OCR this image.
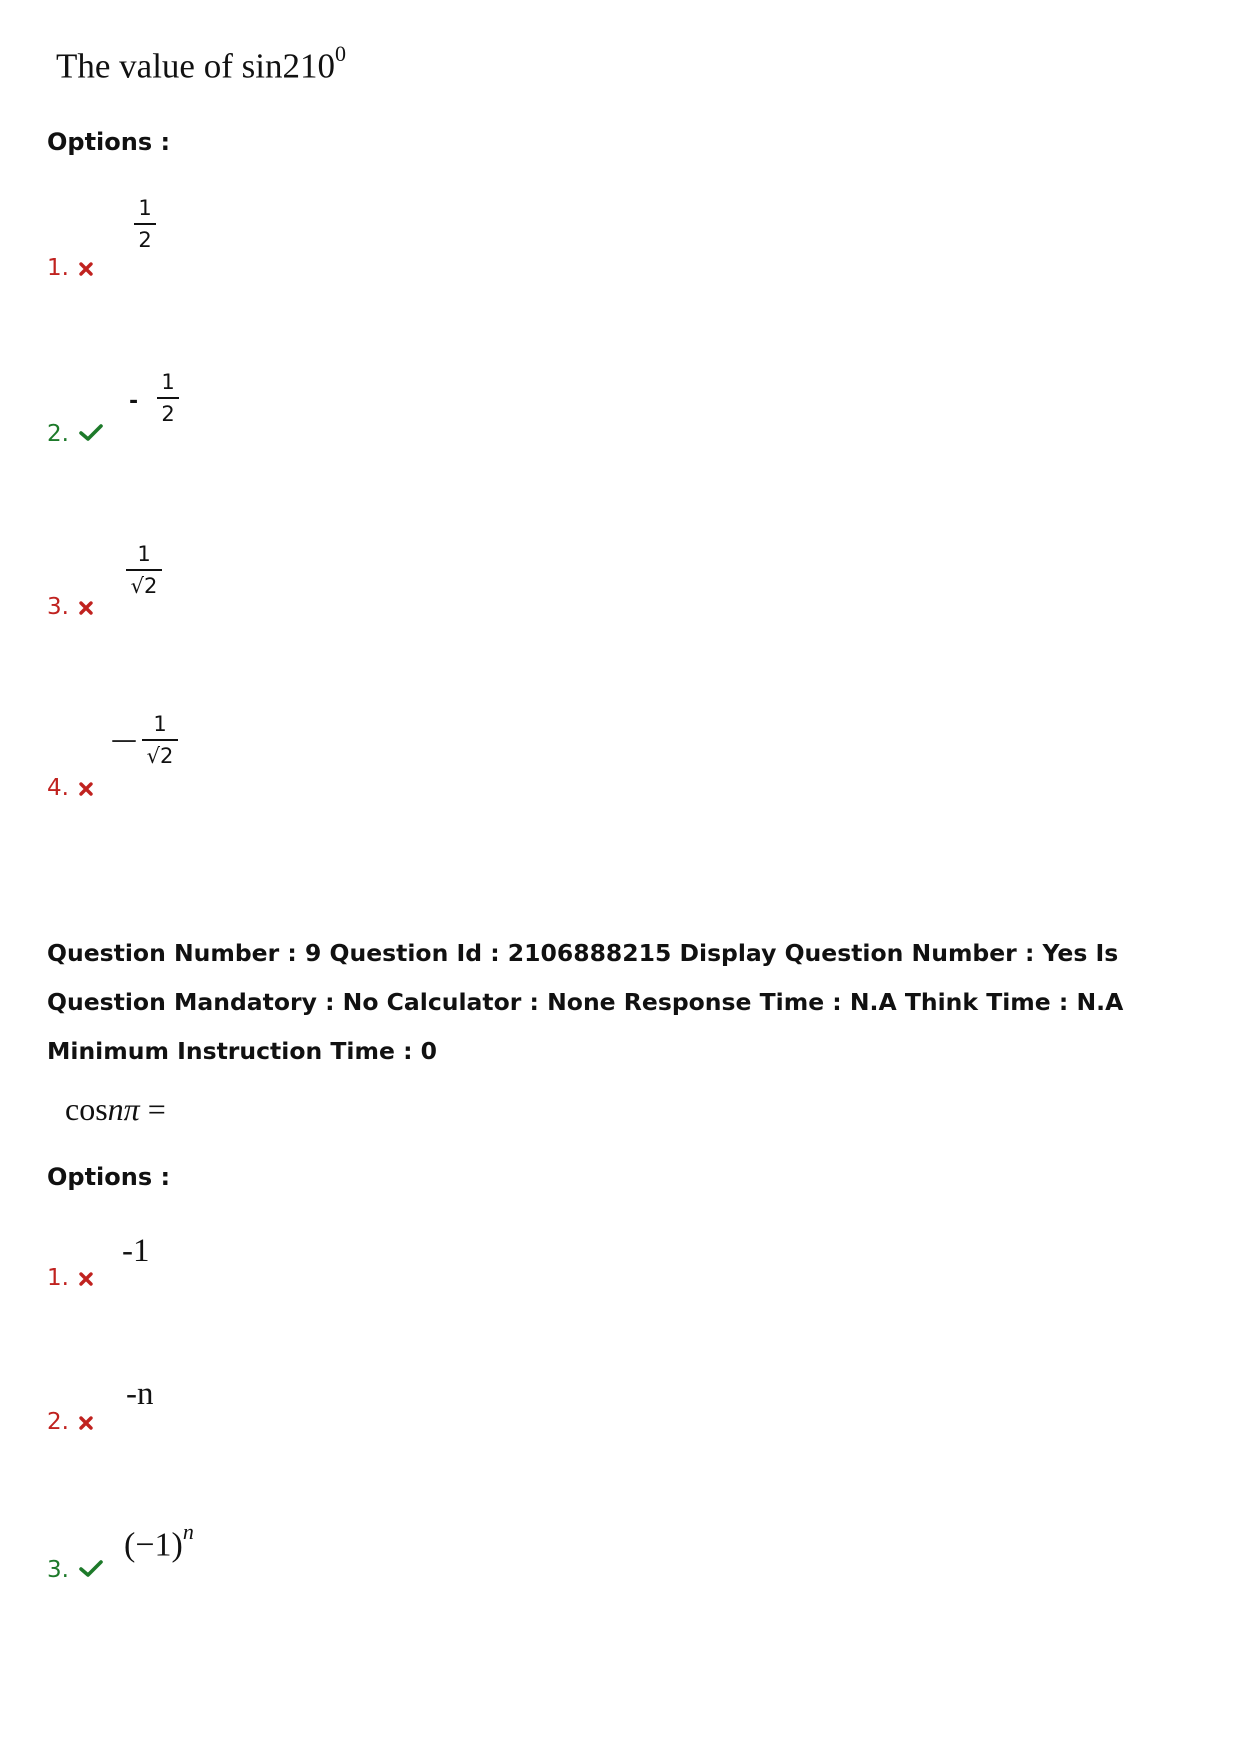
The value of $\sin 210^0$
Options :
1.
1
2
2.
-
1
2
3.
1
√2
4.
—
1
√2
Question Number : 9 Question Id : 2106888215 Display Question Number : Yes Is Question Mandatory : No Calculator : None Response Time : N.A Think Time : N.A Minimum Instruction Time : 0
cosnπ =
Options :
1.
-1
2.
-n
3.
$(-1)^n$
